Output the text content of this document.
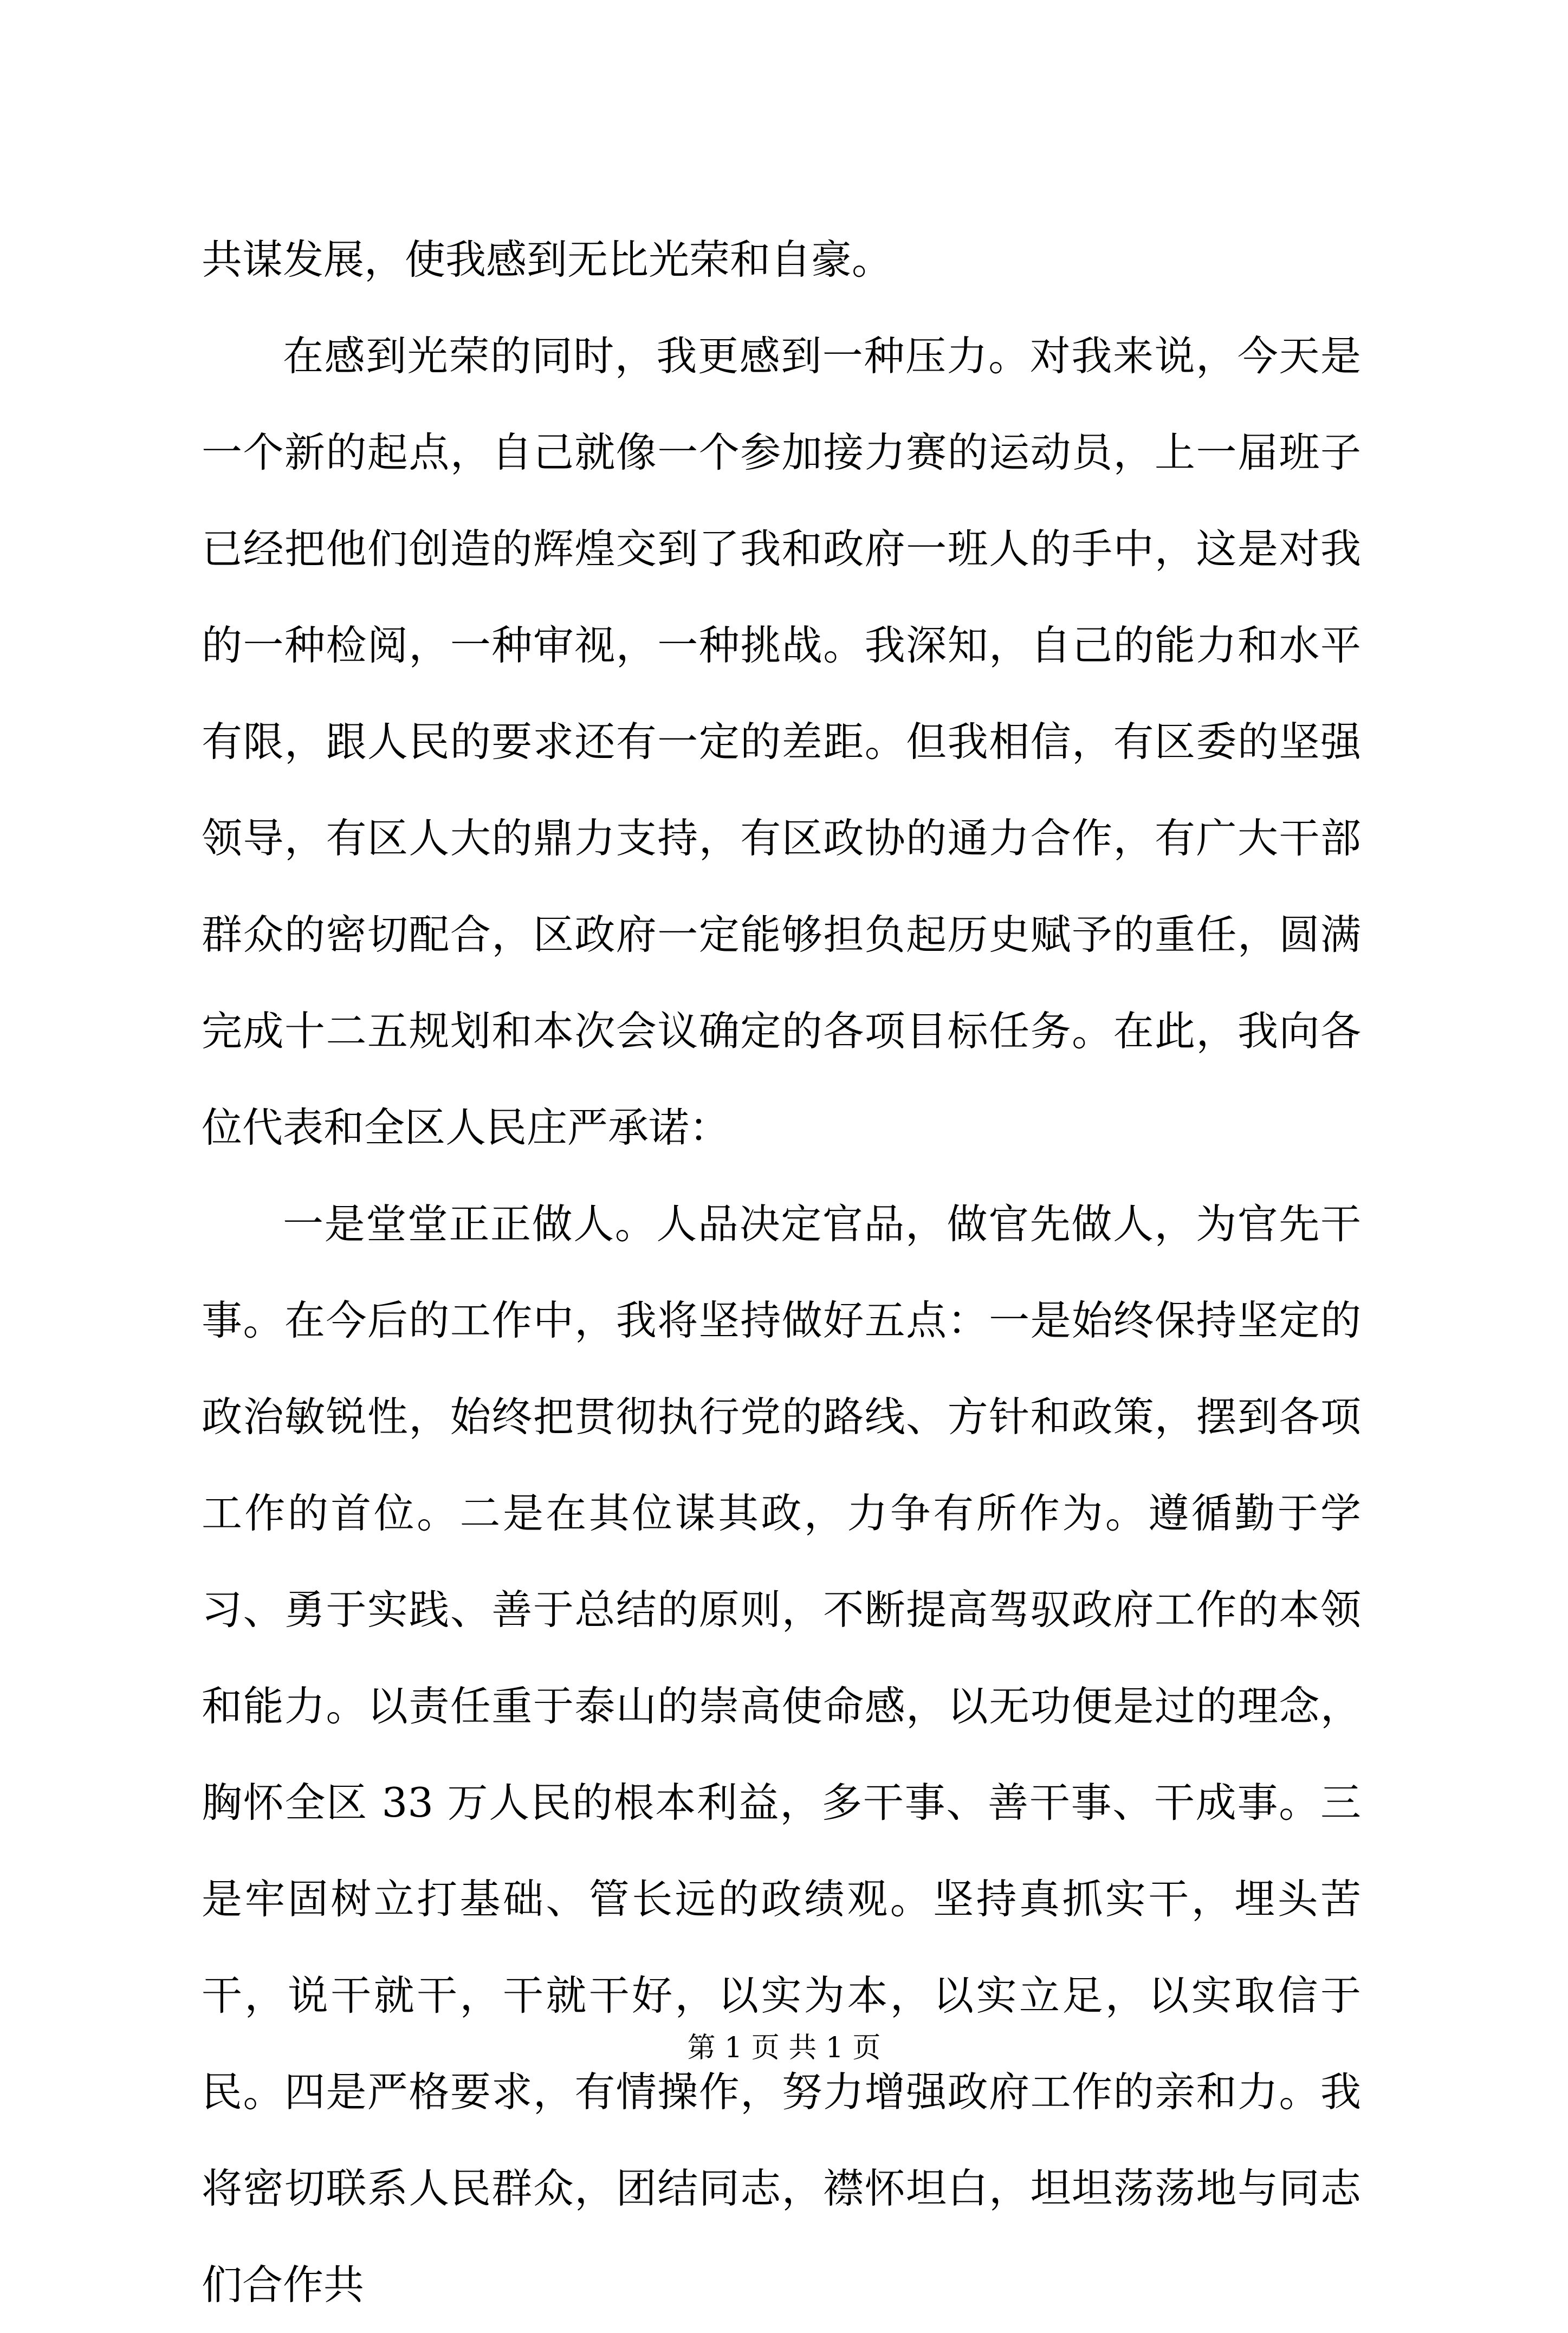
共谋发展，使我感到无比光荣和自豪。

在感到光荣的同时，我更感到一种压力。对我来说，今天是一个新的起点，自己就像一个参加接力赛的运动员，上一届班子已经把他们创造的辉煌交到了我和政府一班人的手中，这是对我的一种检阅，一种审视，一种挑战。我深知，自己的能力和水平有限，跟人民的要求还有一定的差距。但我相信，有区委的坚强领导，有区人大的鼎力支持，有区政协的通力合作，有广大干部群众的密切配合，区政府一定能够担负起历史赋予的重任，圆满完成十二五规划和本次会议确定的各项目标任务。在此，我向各位代表和全区人民庄严承诺：

一是堂堂正正做人。人品决定官品，做官先做人，为官先干事。在今后的工作中，我将坚持做好五点：一是始终保持坚定的政治敏锐性，始终把贯彻执行党的路线、方针和政策，摆到各项工作的首位。二是在其位谋其政，力争有所作为。遵循勤于学习、勇于实践、善于总结的原则，不断提高驾驭政府工作的本领和能力。以责任重于泰山的崇高使命感，以无功便是过的理念，胸怀全区 33 万人民的根本利益，多干事、善干事、干成事。三是牢固树立打基础、管长远的政绩观。坚持真抓实干，埋头苦干，说干就干，干就干好，以实为本，以实立足，以实取信于民。四是严格要求，有情操作，努力增强政府工作的亲和力。我将密切联系人民群众，团结同志，襟怀坦白，坦坦荡荡地与同志们合作共

第 1 页 共 1 页
